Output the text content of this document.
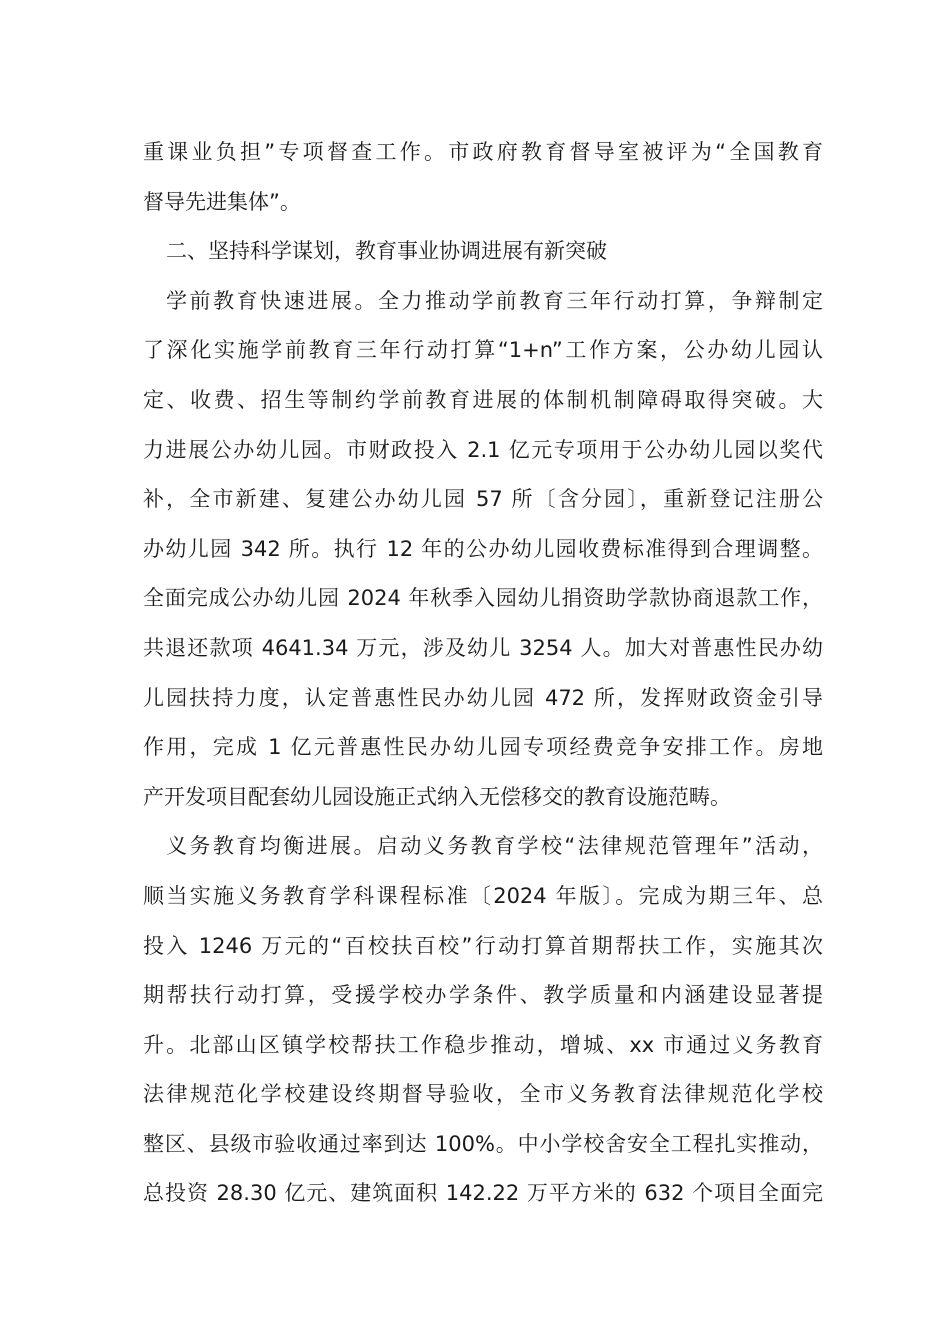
重课业负担”专项督查工作。市政府教育督导室被评为“全国教育
督导先进集体”。
二、坚持科学谋划，教育事业协调进展有新突破
学前教育快速进展。全力推动学前教育三年行动打算，争辩制定
了深化实施学前教育三年行动打算“1+n”工作方案，公办幼儿园认
定、收费、招生等制约学前教育进展的体制机制障碍取得突破。大
力进展公办幼儿园。市财政投入 2.1 亿元专项用于公办幼儿园以奖代
补，全市新建、复建公办幼儿园 57 所〔含分园〕，重新登记注册公
办幼儿园 342 所。执行 12 年的公办幼儿园收费标准得到合理调整。
全面完成公办幼儿园 2024 年秋季入园幼儿捐资助学款协商退款工作，
共退还款项 4641.34 万元，涉及幼儿 3254 人。加大对普惠性民办幼
儿园扶持力度，认定普惠性民办幼儿园 472 所，发挥财政资金引导
作用，完成 1 亿元普惠性民办幼儿园专项经费竞争安排工作。房地
产开发项目配套幼儿园设施正式纳入无偿移交的教育设施范畴。
义务教育均衡进展。启动义务教育学校“法律规范管理年”活动，
顺当实施义务教育学科课程标准〔2024 年版〕。完成为期三年、总
投入 1246 万元的“百校扶百校”行动打算首期帮扶工作，实施其次
期帮扶行动打算，受援学校办学条件、教学质量和内涵建设显著提
升。北部山区镇学校帮扶工作稳步推动，增城、xx 市通过义务教育
法律规范化学校建设终期督导验收，全市义务教育法律规范化学校
整区、县级市验收通过率到达 100%。中小学校舍安全工程扎实推动，
总投资 28.30 亿元、建筑面积 142.22 万平方米的 632 个项目全面完
